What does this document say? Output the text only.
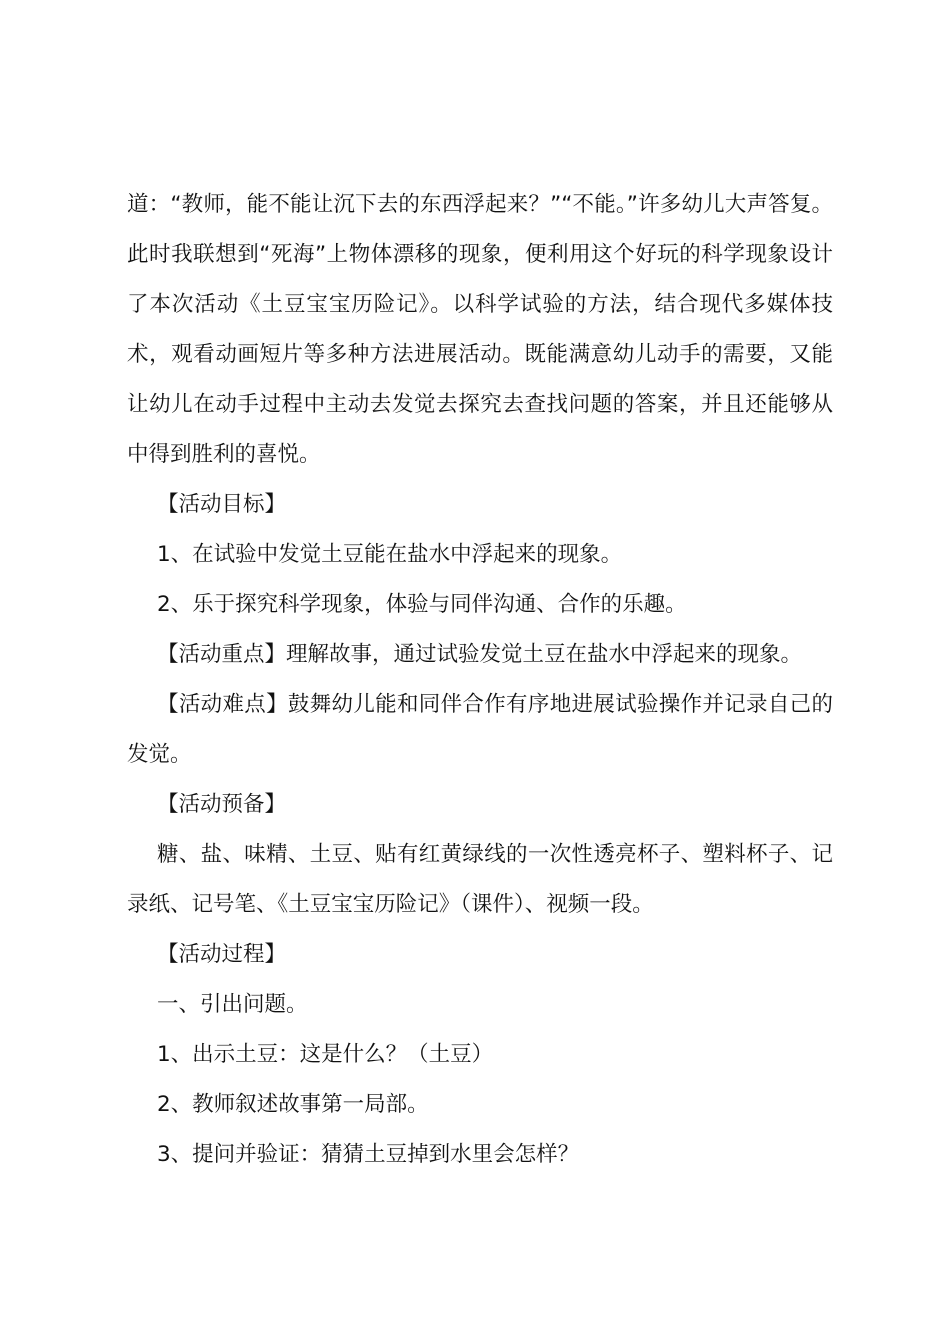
道：“教师，能不能让沉下去的东西浮起来？”“不能。”许多幼儿大声答复。此时我联想到“死海”上物体漂移的现象，便利用这个好玩的科学现象设计了本次活动《土豆宝宝历险记》。以科学试验的方法，结合现代多媒体技术，观看动画短片等多种方法进展活动。既能满意幼儿动手的需要，又能让幼儿在动手过程中主动去发觉去探究去查找问题的答案，并且还能够从中得到胜利的喜悦。

【活动目标】

1、在试验中发觉土豆能在盐水中浮起来的现象。

2、乐于探究科学现象，体验与同伴沟通、合作的乐趣。

【活动重点】理解故事，通过试验发觉土豆在盐水中浮起来的现象。

【活动难点】鼓舞幼儿能和同伴合作有序地进展试验操作并记录自己的发觉。

【活动预备】

糖、盐、味精、土豆、贴有红黄绿线的一次性透亮杯子、塑料杯子、记录纸、记号笔、《土豆宝宝历险记》（课件）、视频一段。

【活动过程】

一、引出问题。

1、出示土豆：这是什么？（土豆）

2、教师叙述故事第一局部。

3、提问并验证：猜猜土豆掉到水里会怎样？
